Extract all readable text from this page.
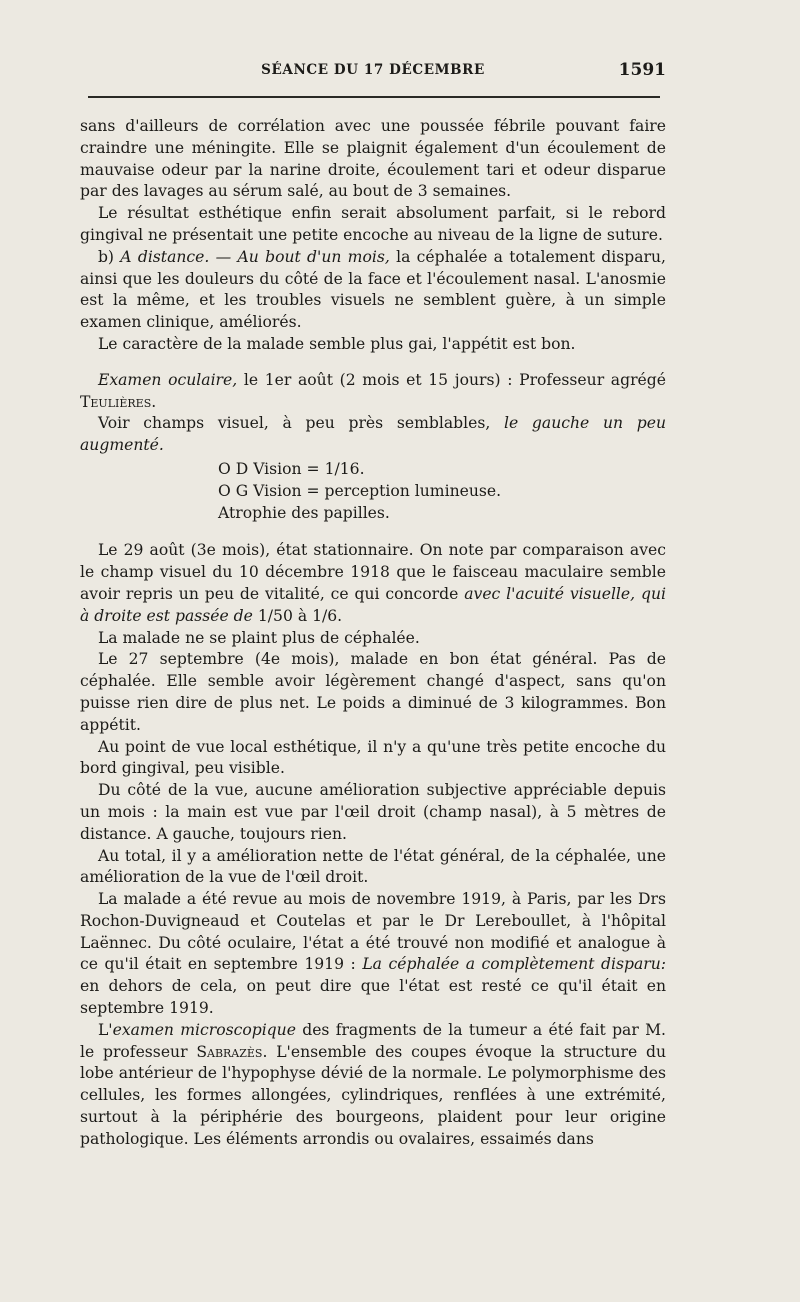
SÉANCE DU 17 DÉCEMBRE	1591

sans d'ailleurs de corrélation avec une poussée fébrile pouvant faire craindre une méningite. Elle se plaignit également d'un écoulement de mauvaise odeur par la narine droite, écoulement tari et odeur disparue par des lavages au sérum salé, au bout de 3 semaines.

Le résultat esthétique enfin serait absolument parfait, si le rebord gingival ne présentait une petite encoche au niveau de la ligne de suture.

b) A distance. — Au bout d'un mois, la céphalée a totalement disparu, ainsi que les douleurs du côté de la face et l'écoulement nasal. L'anosmie est la même, et les troubles visuels ne semblent guère, à un simple examen clinique, améliorés.

Le caractère de la malade semble plus gai, l'appétit est bon.

Examen oculaire, le 1er août (2 mois et 15 jours) : Professeur agrégé Teulières.

Voir champs visuel, à peu près semblables, le gauche un peu augmenté.

O D Vision = 1/16.
O G Vision = perception lumineuse.
Atrophie des papilles.

Le 29 août (3e mois), état stationnaire. On note par comparaison avec le champ visuel du 10 décembre 1918 que le faisceau maculaire semble avoir repris un peu de vitalité, ce qui concorde avec l'acuité visuelle, qui à droite est passée de 1/50 à 1/6.

La malade ne se plaint plus de céphalée.

Le 27 septembre (4e mois), malade en bon état général. Pas de céphalée. Elle semble avoir légèrement changé d'aspect, sans qu'on puisse rien dire de plus net. Le poids a diminué de 3 kilogrammes. Bon appétit.

Au point de vue local esthétique, il n'y a qu'une très petite encoche du bord gingival, peu visible.

Du côté de la vue, aucune amélioration subjective appréciable depuis un mois : la main est vue par l'œil droit (champ nasal), à 5 mètres de distance. A gauche, toujours rien.

Au total, il y a amélioration nette de l'état général, de la céphalée, une amélioration de la vue de l'œil droit.

La malade a été revue au mois de novembre 1919, à Paris, par les Drs Rochon-Duvigneaud et Coutelas et par le Dr Lereboullet, à l'hôpital Laënnec. Du côté oculaire, l'état a été trouvé non modifié et analogue à ce qu'il était en septembre 1919 : La céphalée a complètement disparu: en dehors de cela, on peut dire que l'état est resté ce qu'il était en septembre 1919.

L'examen microscopique des fragments de la tumeur a été fait par M. le professeur Sabrazès. L'ensemble des coupes évoque la structure du lobe antérieur de l'hypophyse dévié de la normale. Le polymorphisme des cellules, les formes allongées, cylindriques, renflées à une extrémité, surtout à la périphérie des bourgeons, plaident pour leur origine pathologique. Les éléments arrondis ou ovalaires, essaimés dans
